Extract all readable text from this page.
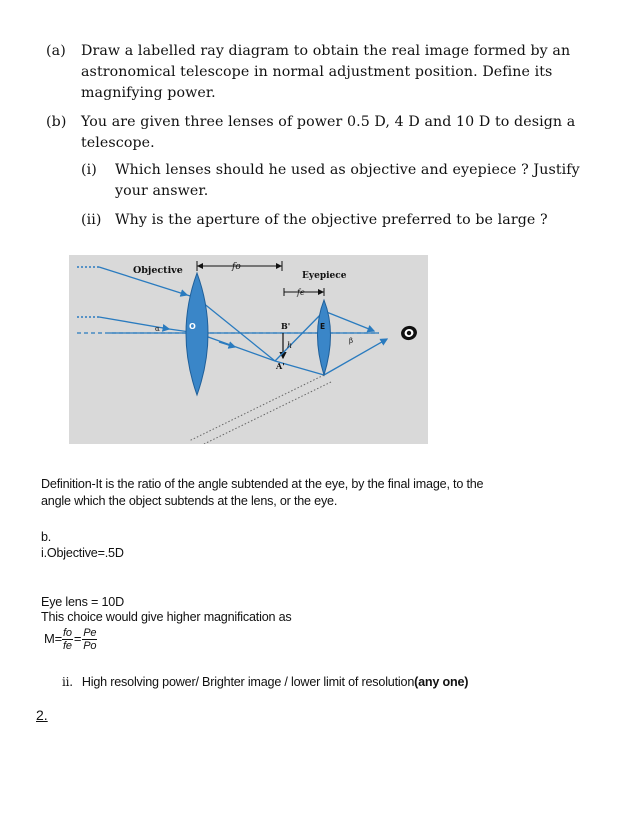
(a) Draw a labelled ray diagram to obtain the real image formed by an
astronomical telescope in normal adjustment position. Define its
magnifying power.
(b) You are given three lenses of power 0.5 D, 4 D and 10 D to design a
telescope.
(i) Which lenses should he used as objective and eyepiece ? Justify
your answer.
(ii) Why is the aperture of the objective preferred to be large ?
Objective	fo
Eyepiece
fe
O	E
B'
A'
h
α
β
Definition-It is the ratio of the angle subtended at the eye, by the final image, to the
angle which the object subtends at the lens, or the eye.
b.
i.Objective=.5D
Eye lens = 10D
This choice would give higher magnification as
$M= \frac{fo}{fe} = \frac{Pe}{Po}$
ii. High resolving power/ Brighter image / lower limit of resolution(any one)
2.
